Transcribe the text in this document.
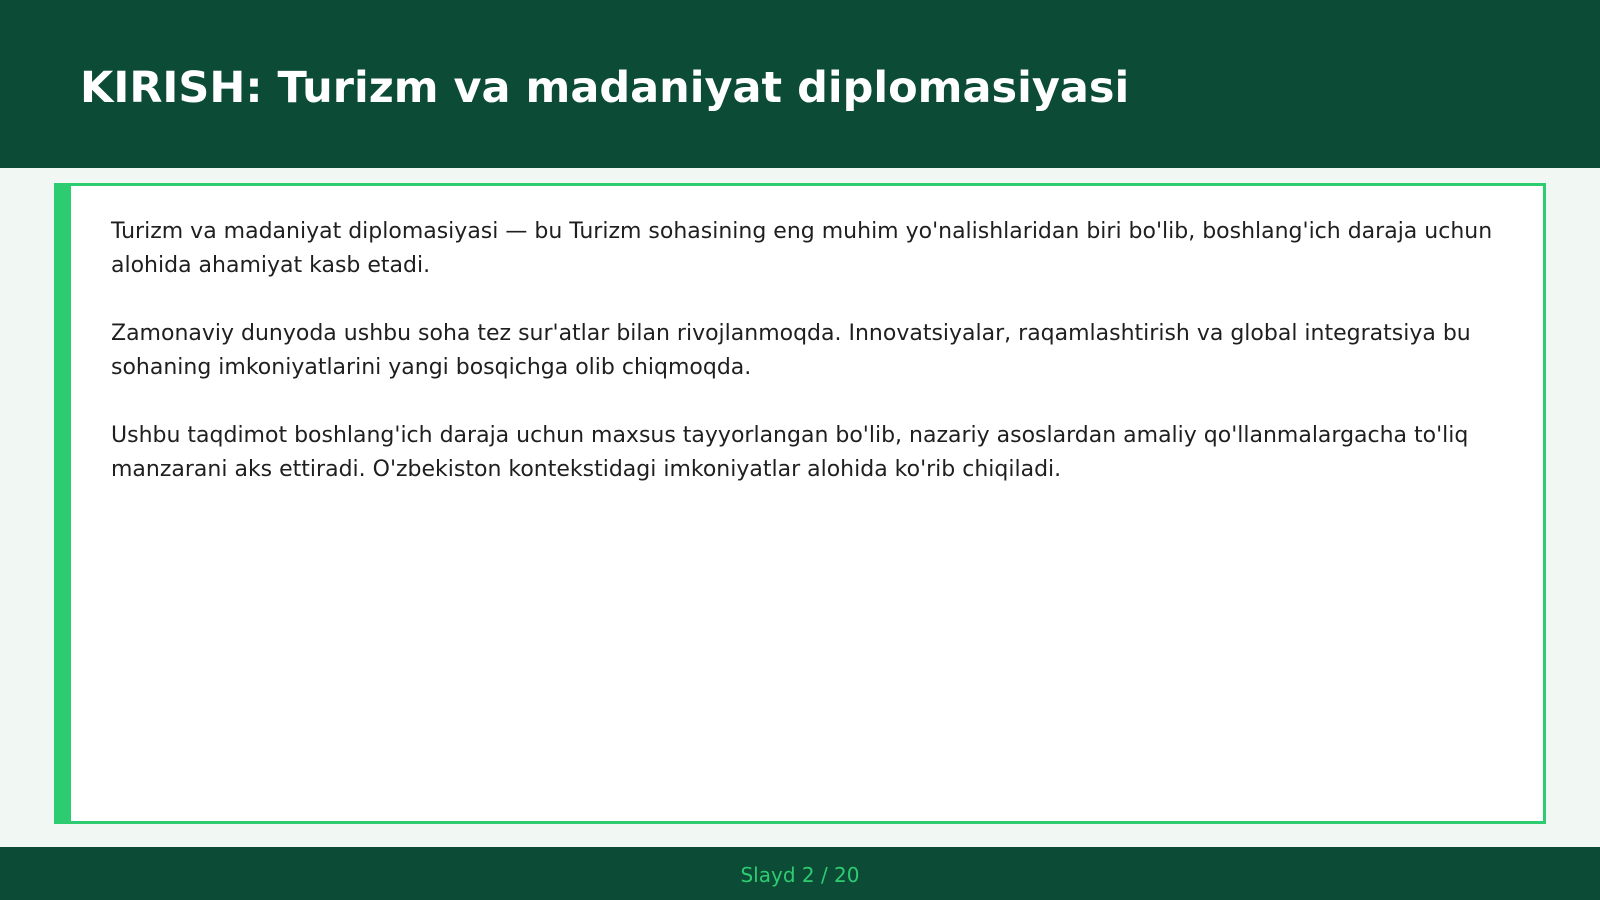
KIRISH: Turizm va madaniyat diplomasiyasi

Turizm va madaniyat diplomasiyasi — bu Turizm sohasining eng muhim yo'nalishlaridan biri bo'lib, boshlang'ich daraja uchun alohida ahamiyat kasb etadi.

Zamonaviy dunyoda ushbu soha tez sur'atlar bilan rivojlanmoqda. Innovatsiyalar, raqamlashtirish va global integratsiya bu sohaning imkoniyatlarini yangi bosqichga olib chiqmoqda.

Ushbu taqdimot boshlang'ich daraja uchun maxsus tayyorlangan bo'lib, nazariy asoslardan amaliy qo'llanmalargacha to'liq manzarani aks ettiradi. O'zbekiston kontekstidagi imkoniyatlar alohida ko'rib chiqiladi.

Slayd 2 / 20
